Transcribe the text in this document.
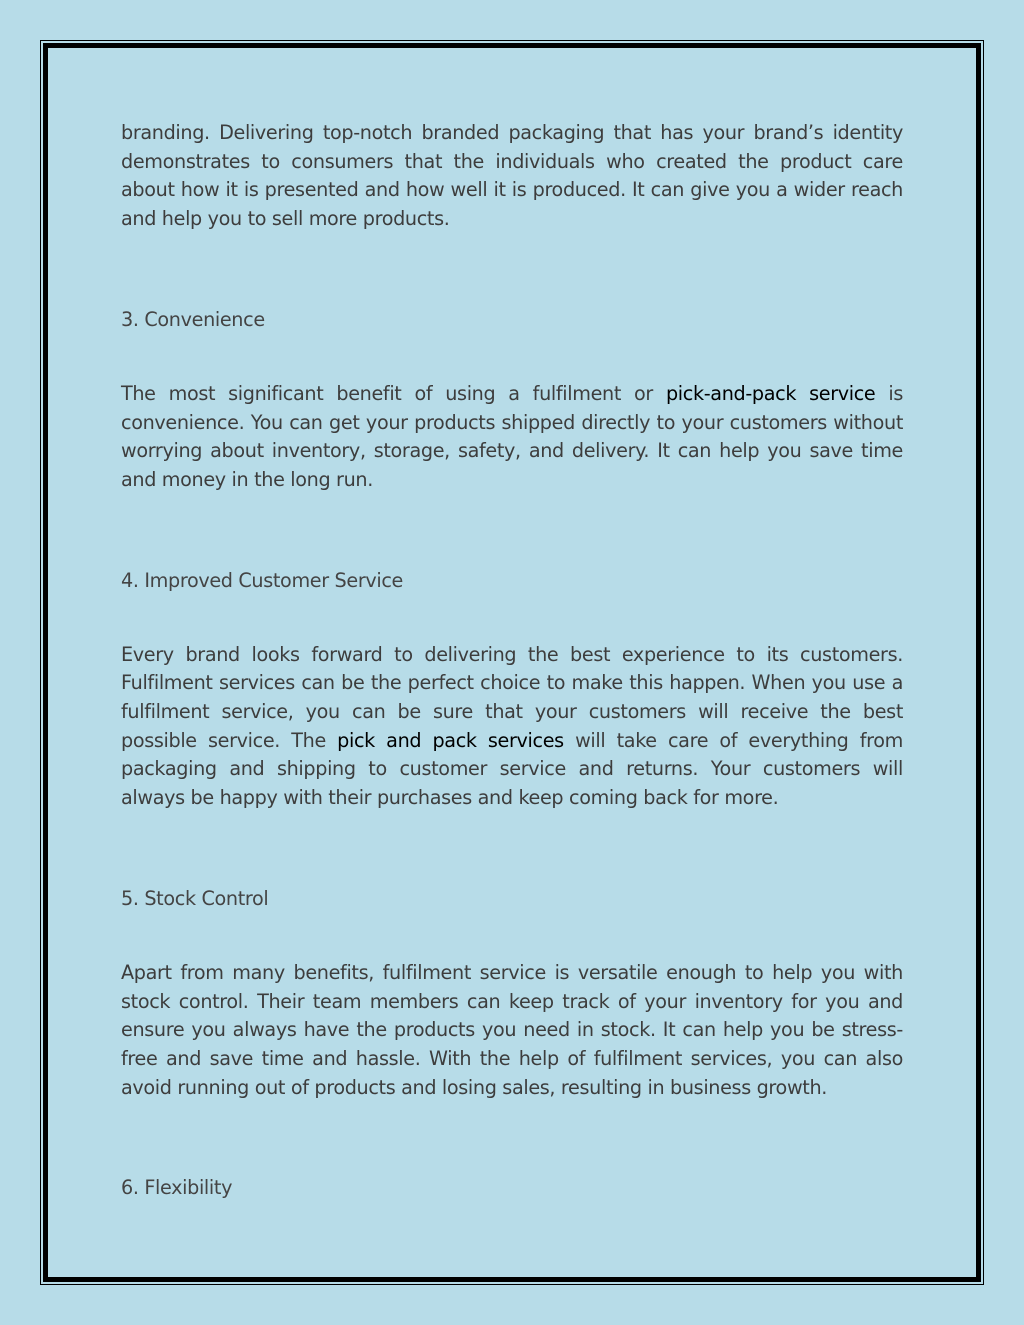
branding. Delivering top-notch branded packaging that has your brand’s identity demonstrates to consumers that the individuals who created the product care about how it is presented and how well it is produced. It can give you a wider reach and help you to sell more products.

3. Convenience

The most significant benefit of using a fulfilment or pick-and-pack service is convenience. You can get your products shipped directly to your customers without worrying about inventory, storage, safety, and delivery. It can help you save time and money in the long run.

4. Improved Customer Service

Every brand looks forward to delivering the best experience to its customers. Fulfilment services can be the perfect choice to make this happen. When you use a fulfilment service, you can be sure that your customers will receive the best possible service. The pick and pack services will take care of everything from packaging and shipping to customer service and returns. Your customers will always be happy with their purchases and keep coming back for more.

5. Stock Control

Apart from many benefits, fulfilment service is versatile enough to help you with stock control. Their team members can keep track of your inventory for you and ensure you always have the products you need in stock. It can help you be stress-free and save time and hassle. With the help of fulfilment services, you can also avoid running out of products and losing sales, resulting in business growth.

6. Flexibility
